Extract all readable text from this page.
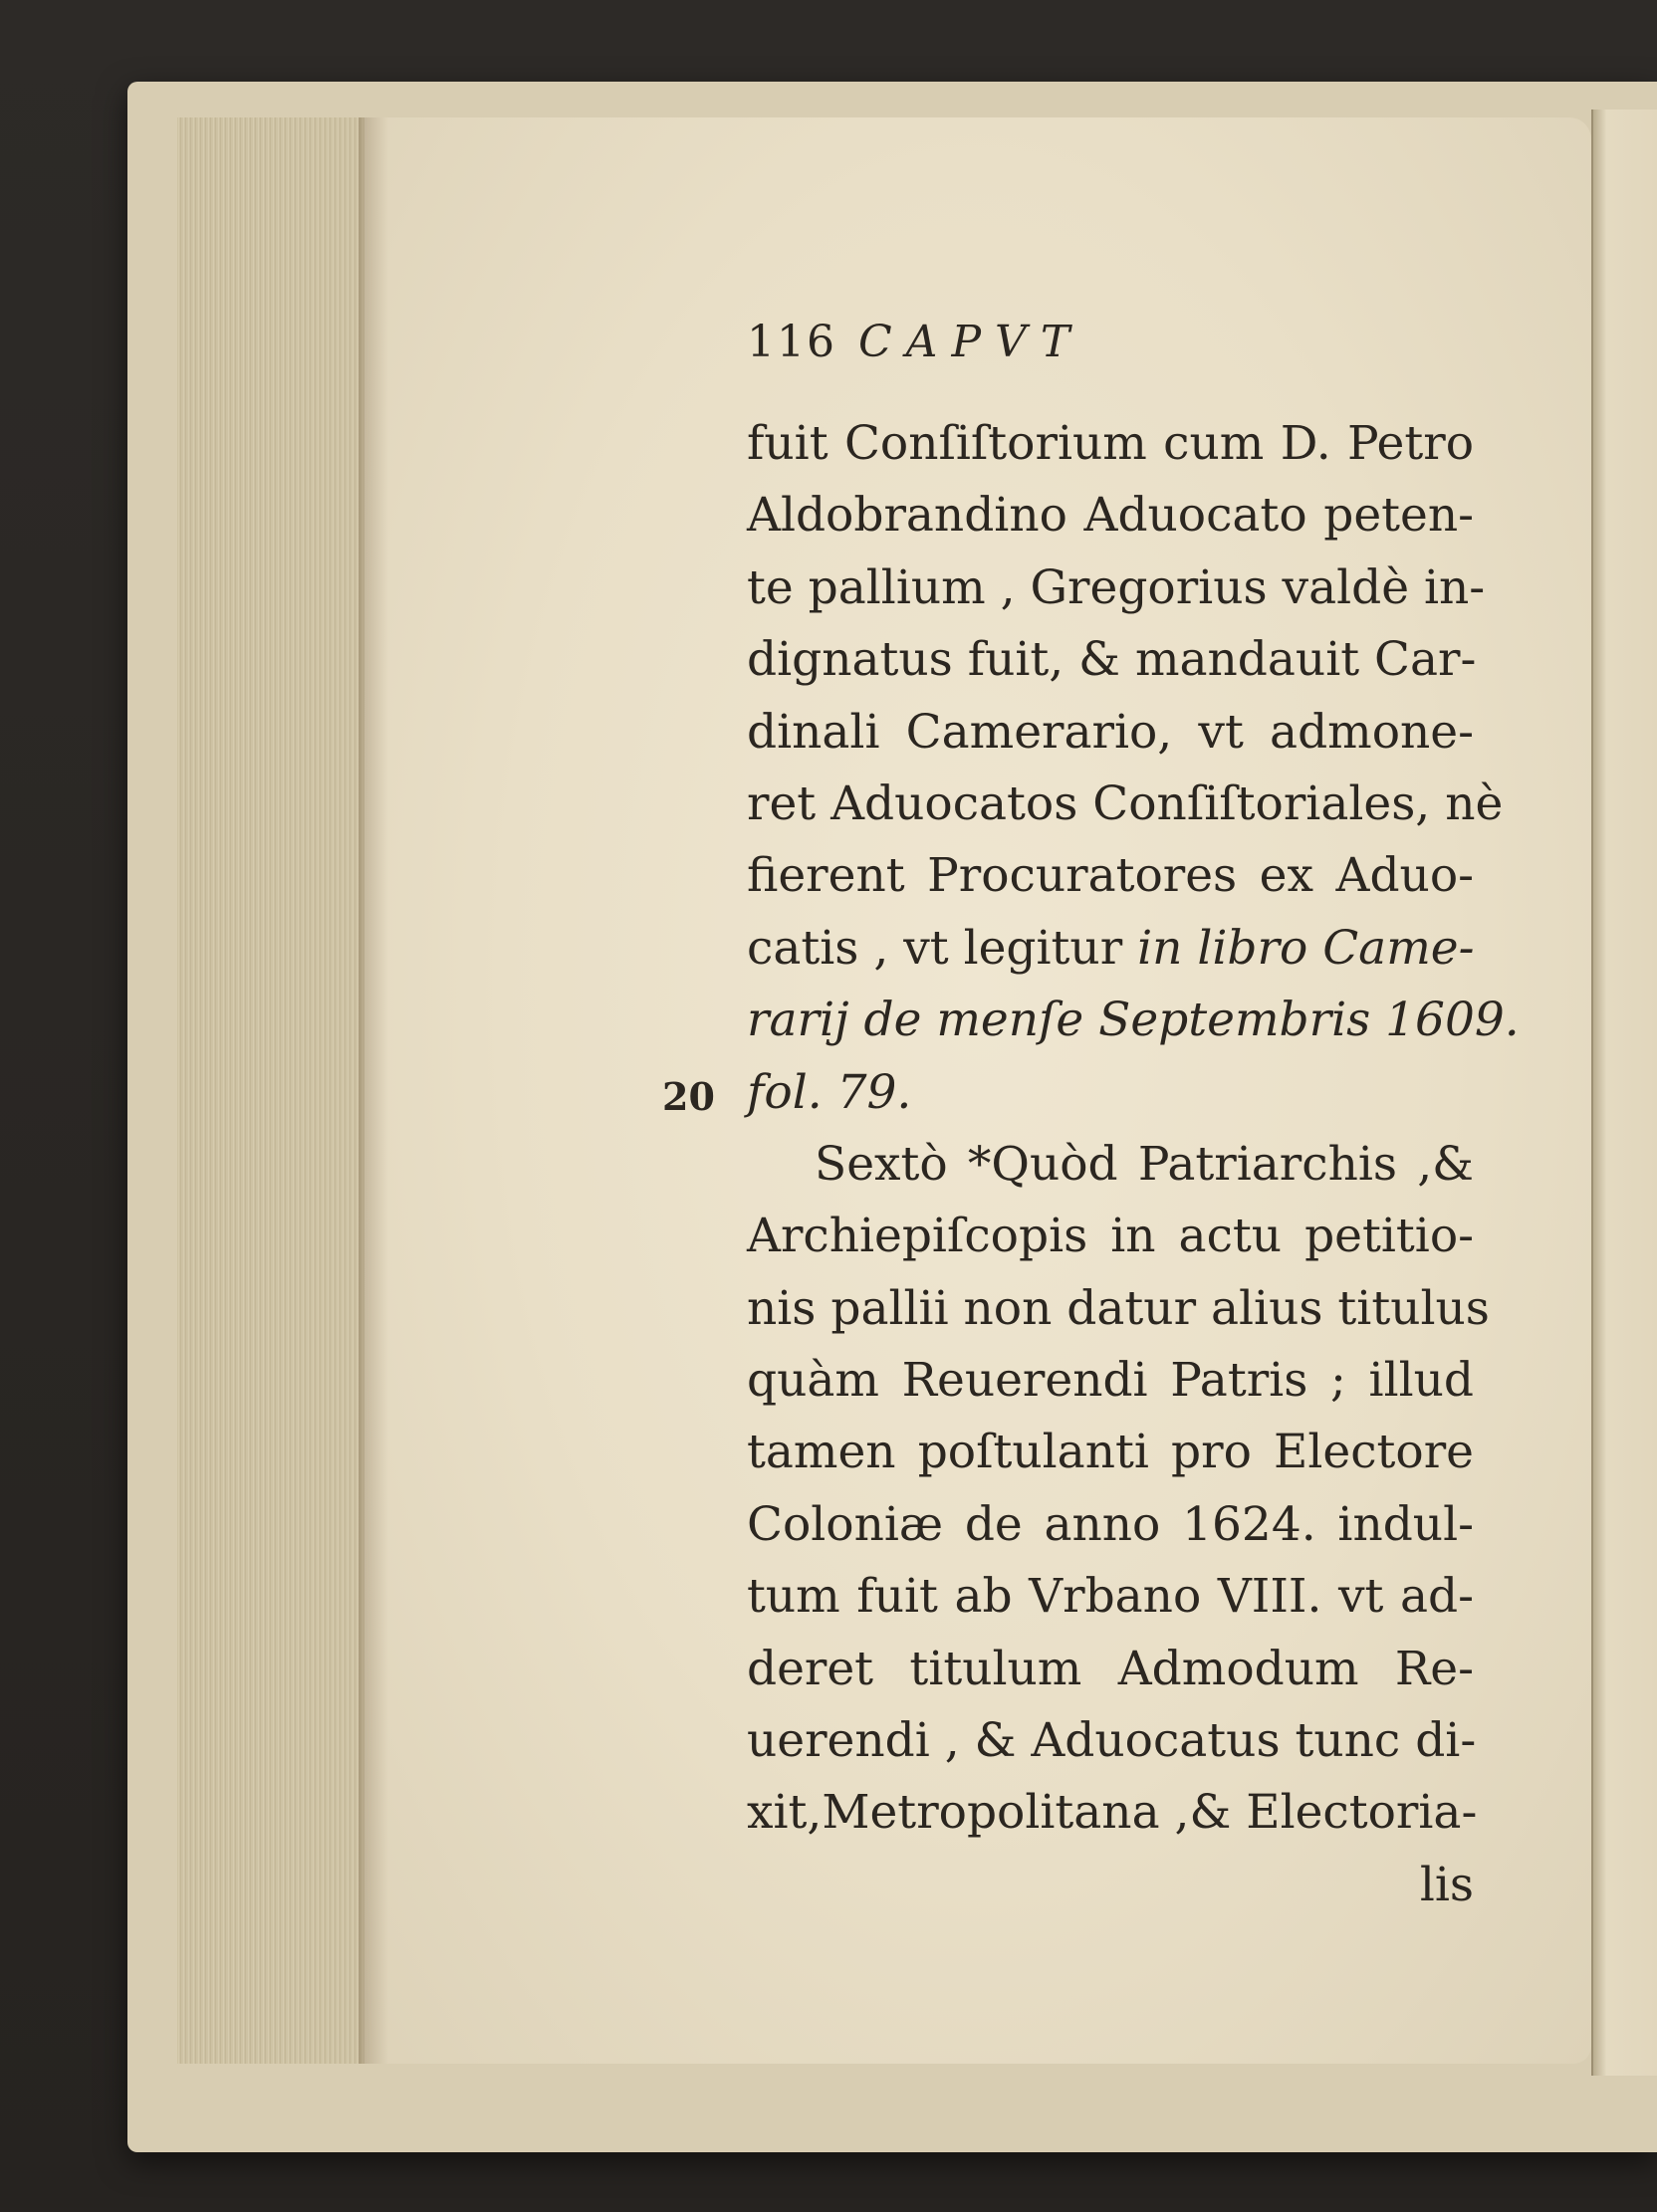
20
116 CAPVT
fuit Conſiſtorium cum D. Petro
Aldobrandino Aduocato peten-
te pallium , Gregorius valdè in-
dignatus fuit, & mandauit Car-
dinali Camerario, vt admone-
ret Aduocatos Conſiſtoriales, nè
fierent Procuratores ex Aduo-
catis , vt legitur in libro Came-
rarij de menſe Septembris 1609.
fol. 79.
Sextò *Quòd Patriarchis ,&
Archiepiſcopis in actu petitio-
nis pallii non datur alius titulus
quàm Reuerendi Patris ; illud
tamen poſtulanti pro Electore
Coloniæ de anno 1624. indul-
tum fuit ab Vrbano VIII. vt ad-
deret titulum Admodum Re-
uerendi , & Aduocatus tunc di-
xit,Metropolitana ,& Electoria-
lis
